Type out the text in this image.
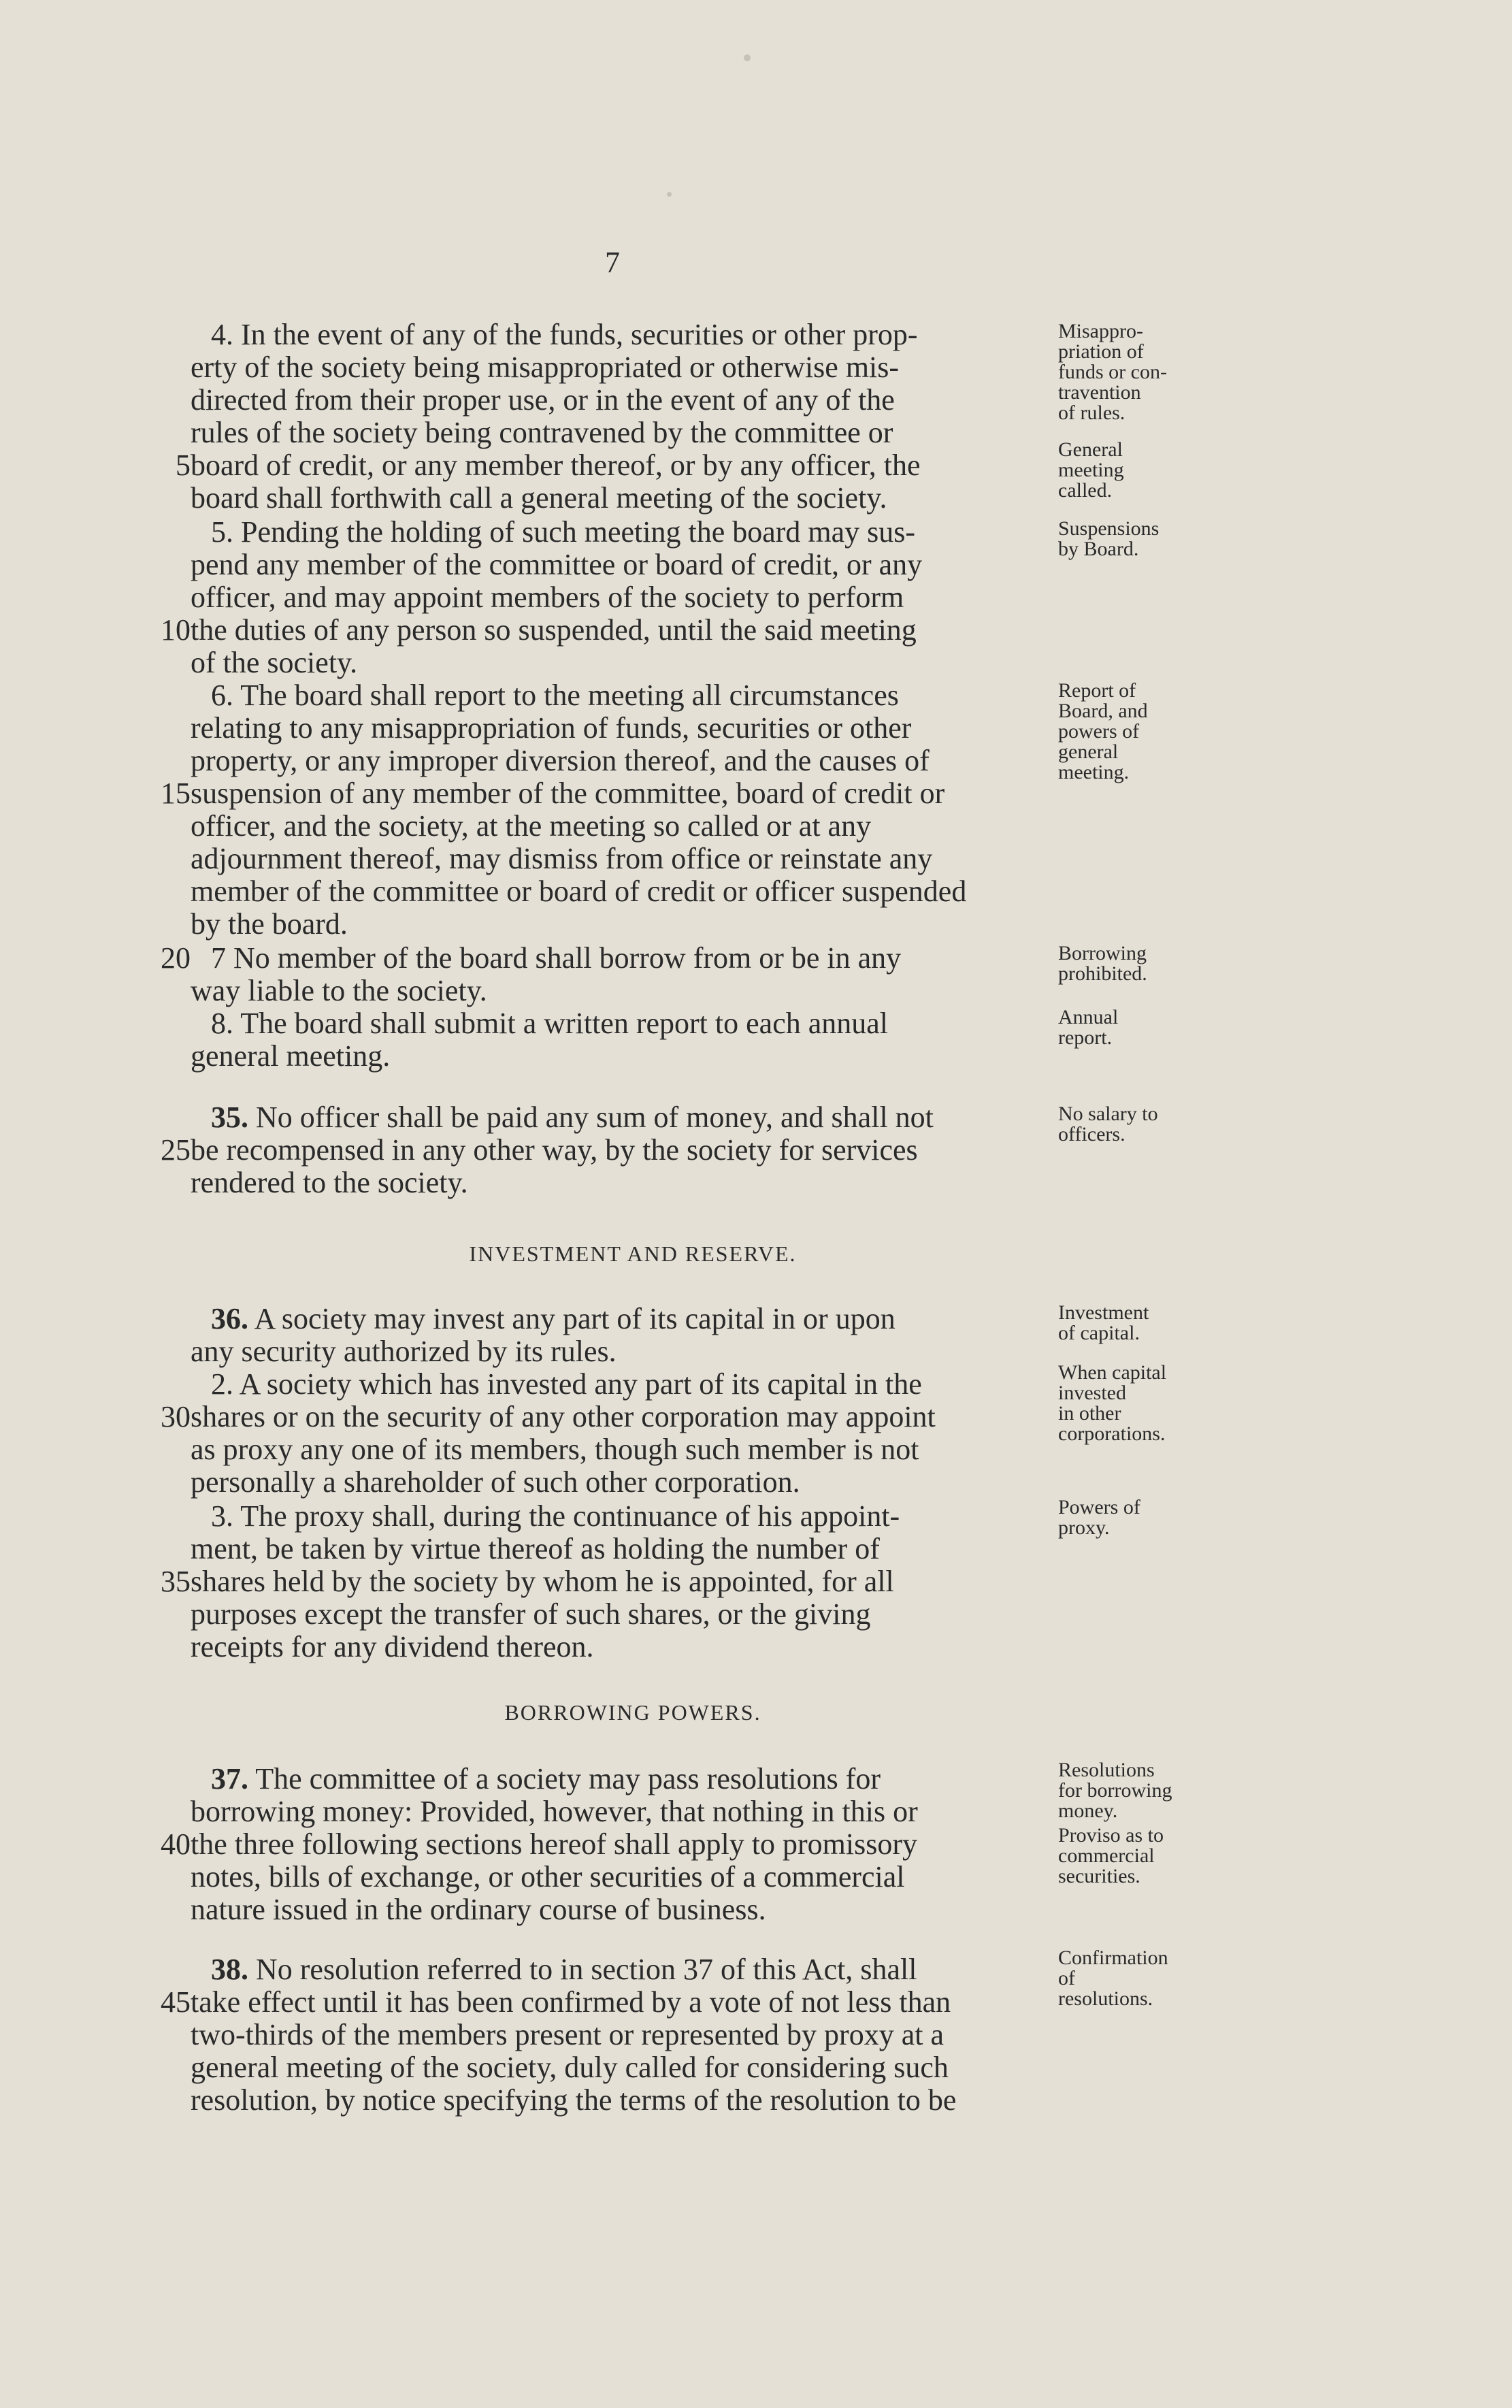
7
4. In the event of any of the funds, securities or other prop-
erty of the society being misappropriated or otherwise mis-
directed from their proper use, or in the event of any of the
rules of the society being contravened by the committee or
5 board of credit, or any member thereof, or by any officer, the
board shall forthwith call a general meeting of the society.
5. Pending the holding of such meeting the board may sus-
pend any member of the committee or board of credit, or any
officer, and may appoint members of the society to perform
10 the duties of any person so suspended, until the said meeting
of the society.
6. The board shall report to the meeting all circumstances
relating to any misappropriation of funds, securities or other
property, or any improper diversion thereof, and the causes of
15 suspension of any member of the committee, board of credit or
officer, and the society, at the meeting so called or at any
adjournment thereof, may dismiss from office or reinstate any
member of the committee or board of credit or officer suspended
by the board.
20 7 No member of the board shall borrow from or be in any
way liable to the society.
8. The board shall submit a written report to each annual
general meeting.
35. No officer shall be paid any sum of money, and shall not
25 be recompensed in any other way, by the society for services
rendered to the society.
INVESTMENT AND RESERVE.
36. A society may invest any part of its capital in or upon
any security authorized by its rules.
2. A society which has invested any part of its capital in the
30 shares or on the security of any other corporation may appoint
as proxy any one of its members, though such member is not
personally a shareholder of such other corporation.
3. The proxy shall, during the continuance of his appoint-
ment, be taken by virtue thereof as holding the number of
35 shares held by the society by whom he is appointed, for all
purposes except the transfer of such shares, or the giving
receipts for any dividend thereon.
BORROWING POWERS.
37. The committee of a society may pass resolutions for
borrowing money: Provided, however, that nothing in this or
40 the three following sections hereof shall apply to promissory
notes, bills of exchange, or other securities of a commercial
nature issued in the ordinary course of business.
38. No resolution referred to in section 37 of this Act, shall
45 take effect until it has been confirmed by a vote of not less than
two-thirds of the members present or represented by proxy at a
general meeting of the society, duly called for considering such
resolution, by notice specifying the terms of the resolution to be
Misappro-
priation of
funds or con-
travention
of rules.
General
meeting
called.
Suspensions
by Board.
Report of
Board, and
powers of
general
meeting.
Borrowing
prohibited.
Annual
report.
No salary to
officers.
Investment
of capital.
When capital
invested
in other
corporations.
Powers of
proxy.
Resolutions
for borrowing
money.
Proviso as to
commercial
securities.
Confirmation
of
resolutions.
